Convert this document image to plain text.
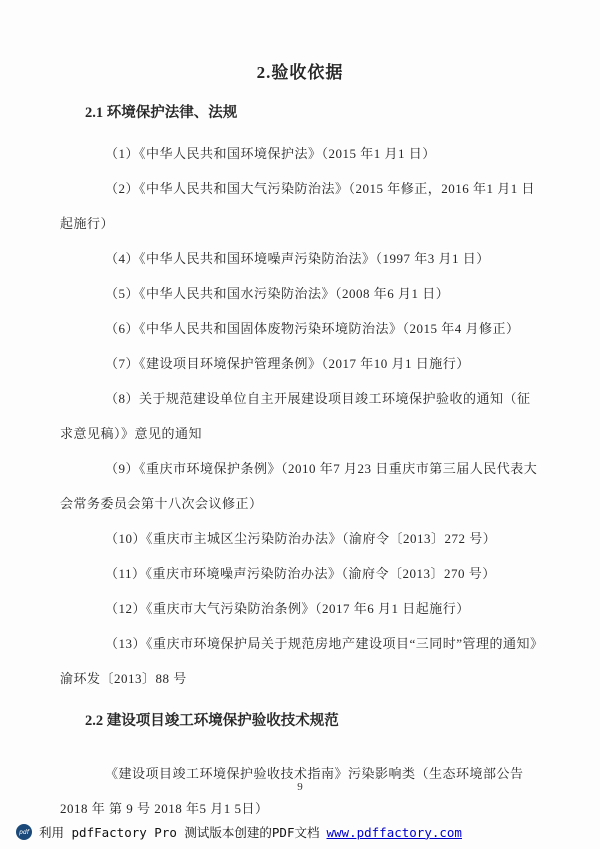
2.验收依据
2.1 环境保护法律、法规

（1）《中华人民共和国环境保护法》（2015 年1 月1 日）

（2）《中华人民共和国大气污染防治法》（2015 年修正，2016 年1 月1 日起施行）

（4）《中华人民共和国环境噪声污染防治法》（1997 年3 月1 日）

（5）《中华人民共和国水污染防治法》（2008 年6 月1 日）

（6）《中华人民共和国固体废物污染环境防治法》（2015 年4 月修正）

（7）《建设项目环境保护管理条例》（2017 年10 月1 日施行）

（8）关于规范建设单位自主开展建设项目竣工环境保护验收的通知（征求意见稿）》意见的通知

（9）《重庆市环境保护条例》（2010 年7 月23 日重庆市第三届人民代表大会常务委员会第十八次会议修正）

（10）《重庆市主城区尘污染防治办法》（渝府令〔2013〕272 号）

（11）《重庆市环境噪声污染防治办法》（渝府令〔2013〕270 号）

（12）《重庆市大气污染防治条例》（2017 年6 月1 日起施行）

（13）《重庆市环境保护局关于规范房地产建设项目“三同时”管理的通知》渝环发〔2013〕88 号

2.2 建设项目竣工环境保护验收技术规范

《建设项目竣工环境保护验收技术指南》污染影响类（生态环境部公告 2018 年 第 9 号 2018 年5 月1 5日）

9
pdf 利用 pdfFactory Pro 测试版本创建的PDF文档 www.pdffactory.com
